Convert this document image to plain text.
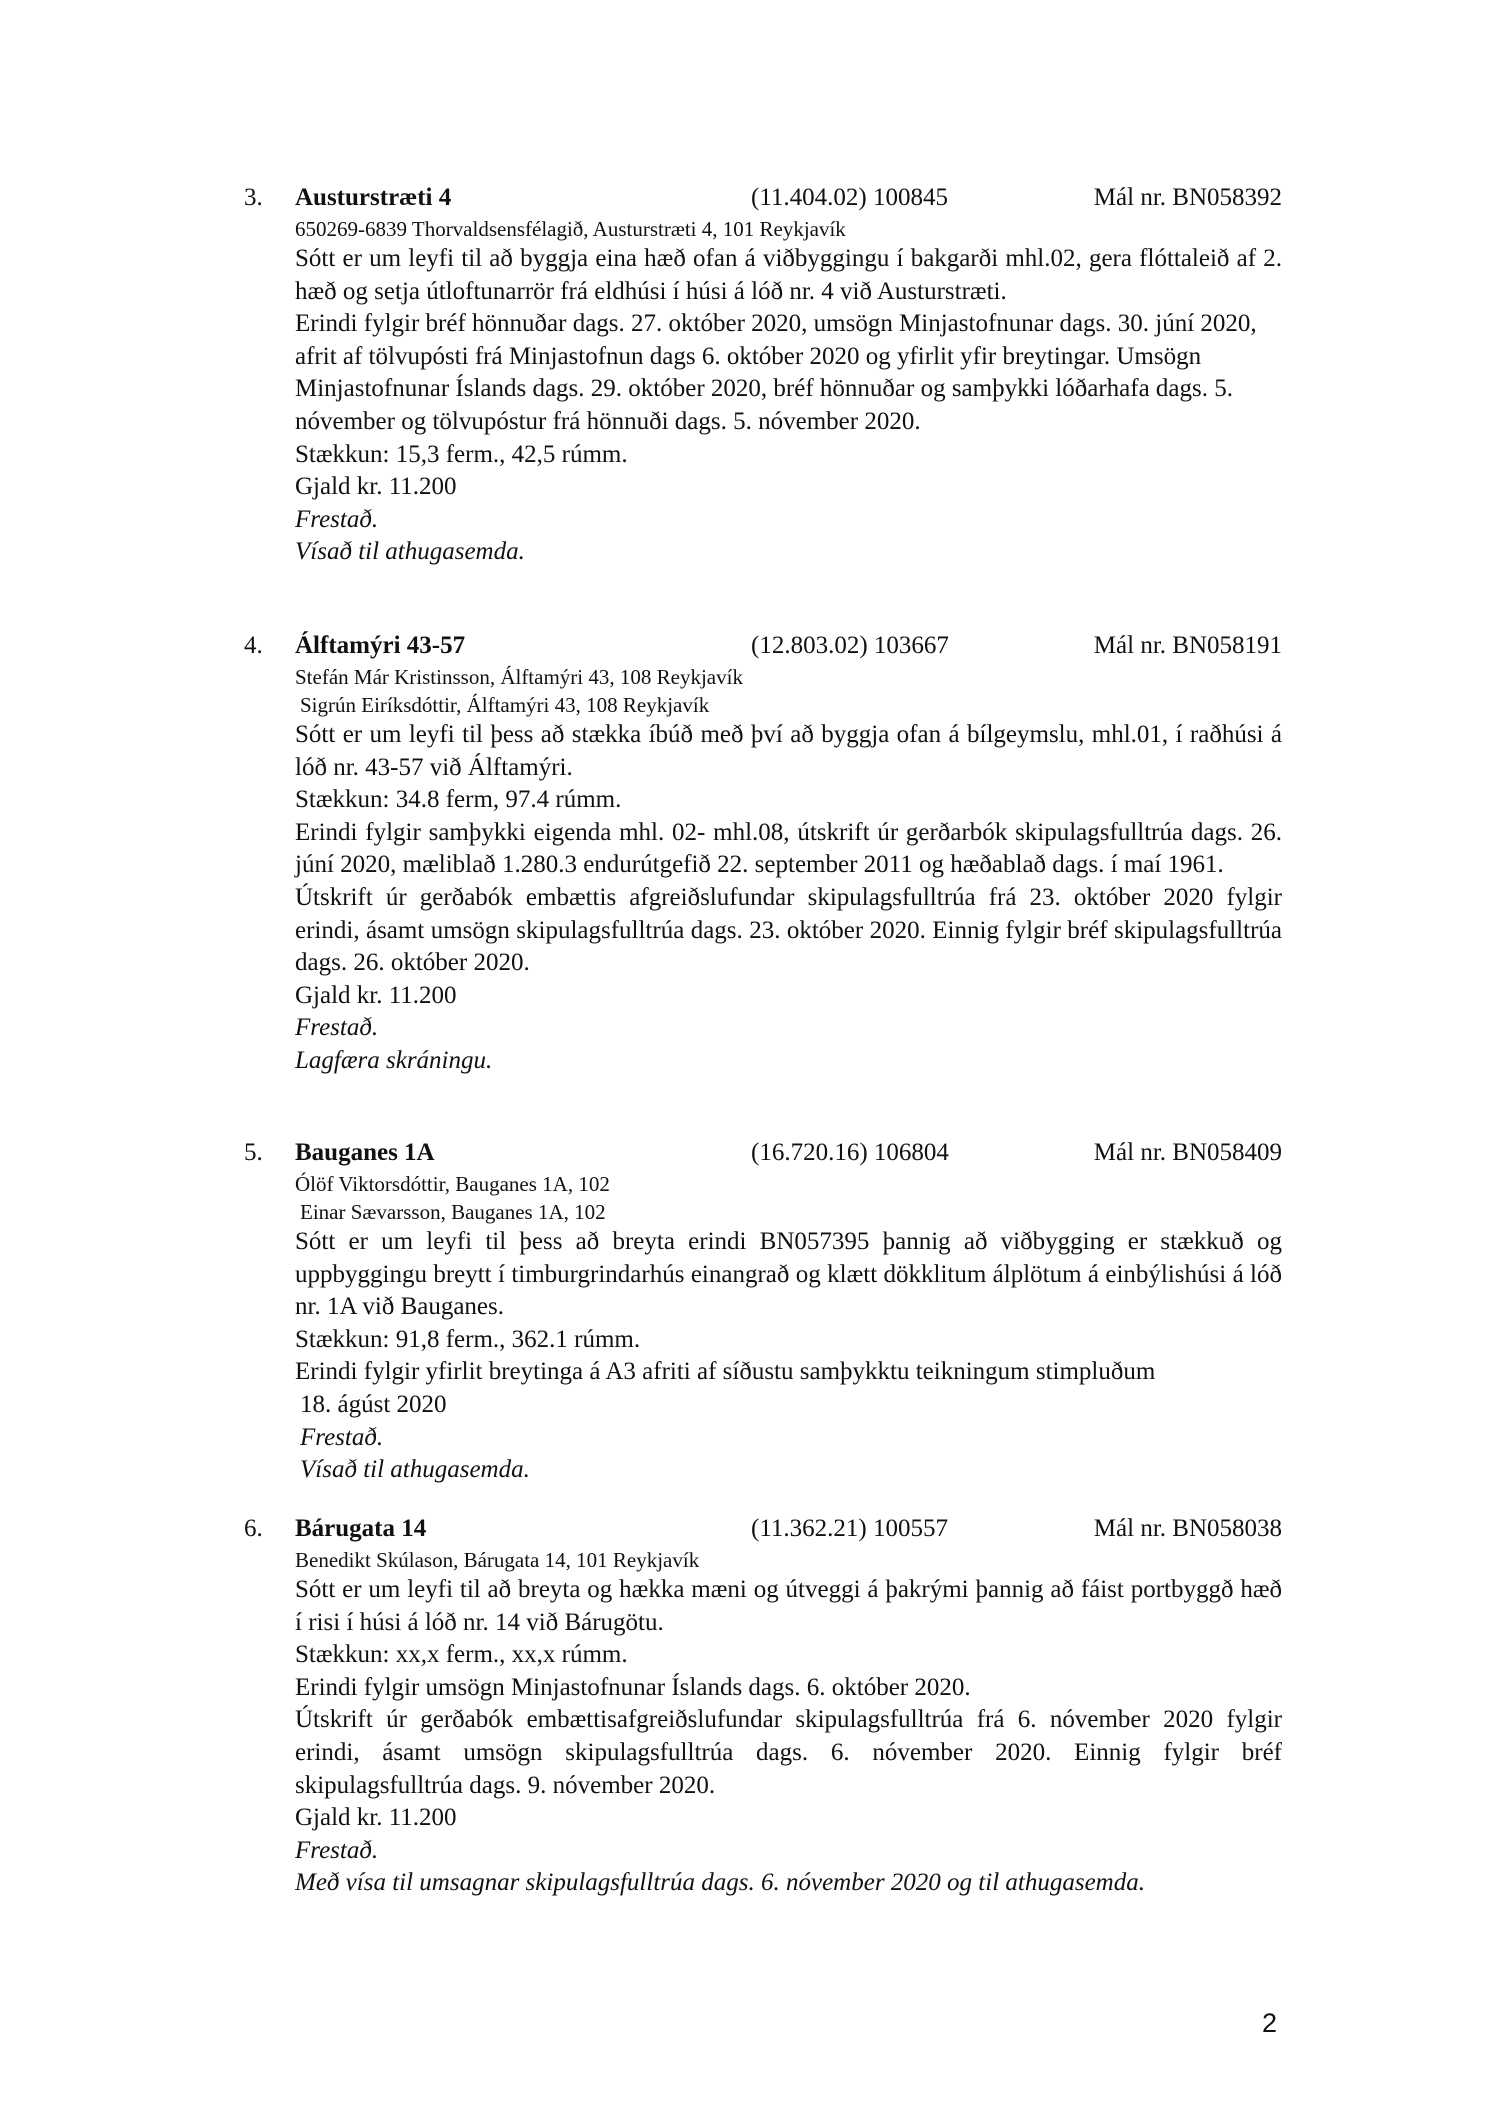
3. Austurstræti 4	(11.404.02) 100845	Mál nr. BN058392
650269-6839 Thorvaldsensfélagið, Austurstræti 4, 101 Reykjavík
Sótt er um leyfi til að byggja eina hæð ofan á viðbyggingu í bakgarði mhl.02, gera flóttaleið af 2. hæð og setja útloftunarrör frá eldhúsi í húsi á lóð nr. 4 við Austurstræti.
Erindi fylgir bréf hönnuðar dags. 27. október 2020, umsögn Minjastofnunar dags. 30. júní 2020, afrit af tölvupósti frá Minjastofnun dags 6. október 2020 og yfirlit yfir breytingar. Umsögn Minjastofnunar Íslands dags. 29. október 2020, bréf hönnuðar og samþykki lóðarhafa dags. 5. nóvember og tölvupóstur frá hönnuði dags. 5. nóvember 2020.
Stækkun: 15,3 ferm., 42,5 rúmm.
Gjald kr. 11.200
Frestað.
Vísað til athugasemda.
4. Álftamýri 43-57	(12.803.02) 103667	Mál nr. BN058191
Stefán Már Kristinsson, Álftamýri 43, 108 Reykjavík
Sigrún Eiríksdóttir, Álftamýri 43, 108 Reykjavík
Sótt er um leyfi til þess að stækka íbúð með því að byggja ofan á bílgeymslu, mhl.01, í raðhúsi á lóð nr. 43-57 við Álftamýri.
Stækkun: 34.8 ferm, 97.4 rúmm.
Erindi fylgir samþykki eigenda mhl. 02- mhl.08, útskrift úr gerðarbók skipulagsfulltrúa dags. 26. júní 2020, mæliblað 1.280.3 endurútgefið 22. september 2011 og hæðablað dags. í maí 1961.
Útskrift úr gerðabók embættis afgreiðslufundar skipulagsfulltrúa frá 23. október 2020 fylgir erindi, ásamt umsögn skipulagsfulltrúa dags. 23. október 2020. Einnig fylgir bréf skipulagsfulltrúa dags. 26. október 2020.
Gjald kr. 11.200
Frestað.
Lagfæra skráningu.
5. Bauganes 1A	(16.720.16) 106804	Mál nr. BN058409
Ólöf Viktorsdóttir, Bauganes 1A, 102
Einar Sævarsson, Bauganes 1A, 102
Sótt er um leyfi til þess að breyta erindi BN057395 þannig að viðbygging er stækkuð og uppbyggingu breytt í timburgrindarhús einangrað og klætt dökklitum álplötum á einbýlishúsi á lóð nr. 1A við Bauganes.
Stækkun: 91,8 ferm., 362.1 rúmm.
Erindi fylgir yfirlit breytinga á A3 afriti af síðustu samþykktu teikningum stimpluðum
18. ágúst 2020
Frestað.
Vísað til athugasemda.
6. Bárugata 14	(11.362.21) 100557	Mál nr. BN058038
Benedikt Skúlason, Bárugata 14, 101 Reykjavík
Sótt er um leyfi til að breyta og hækka mæni og útveggi á þakrými þannig að fáist portbyggð hæð í risi í húsi á lóð nr. 14 við Bárugötu.
Stækkun: xx,x ferm., xx,x rúmm.
Erindi fylgir umsögn Minjastofnunar Íslands dags. 6. október 2020.
Útskrift úr gerðabók embættisafgreiðslufundar skipulagsfulltrúa frá 6. nóvember 2020 fylgir erindi, ásamt umsögn skipulagsfulltrúa dags. 6. nóvember 2020. Einnig fylgir bréf skipulagsfulltrúa dags. 9. nóvember 2020.
Gjald kr. 11.200
Frestað.
Með vísa til umsagnar skipulagsfulltrúa dags. 6. nóvember 2020 og til athugasemda.
2
